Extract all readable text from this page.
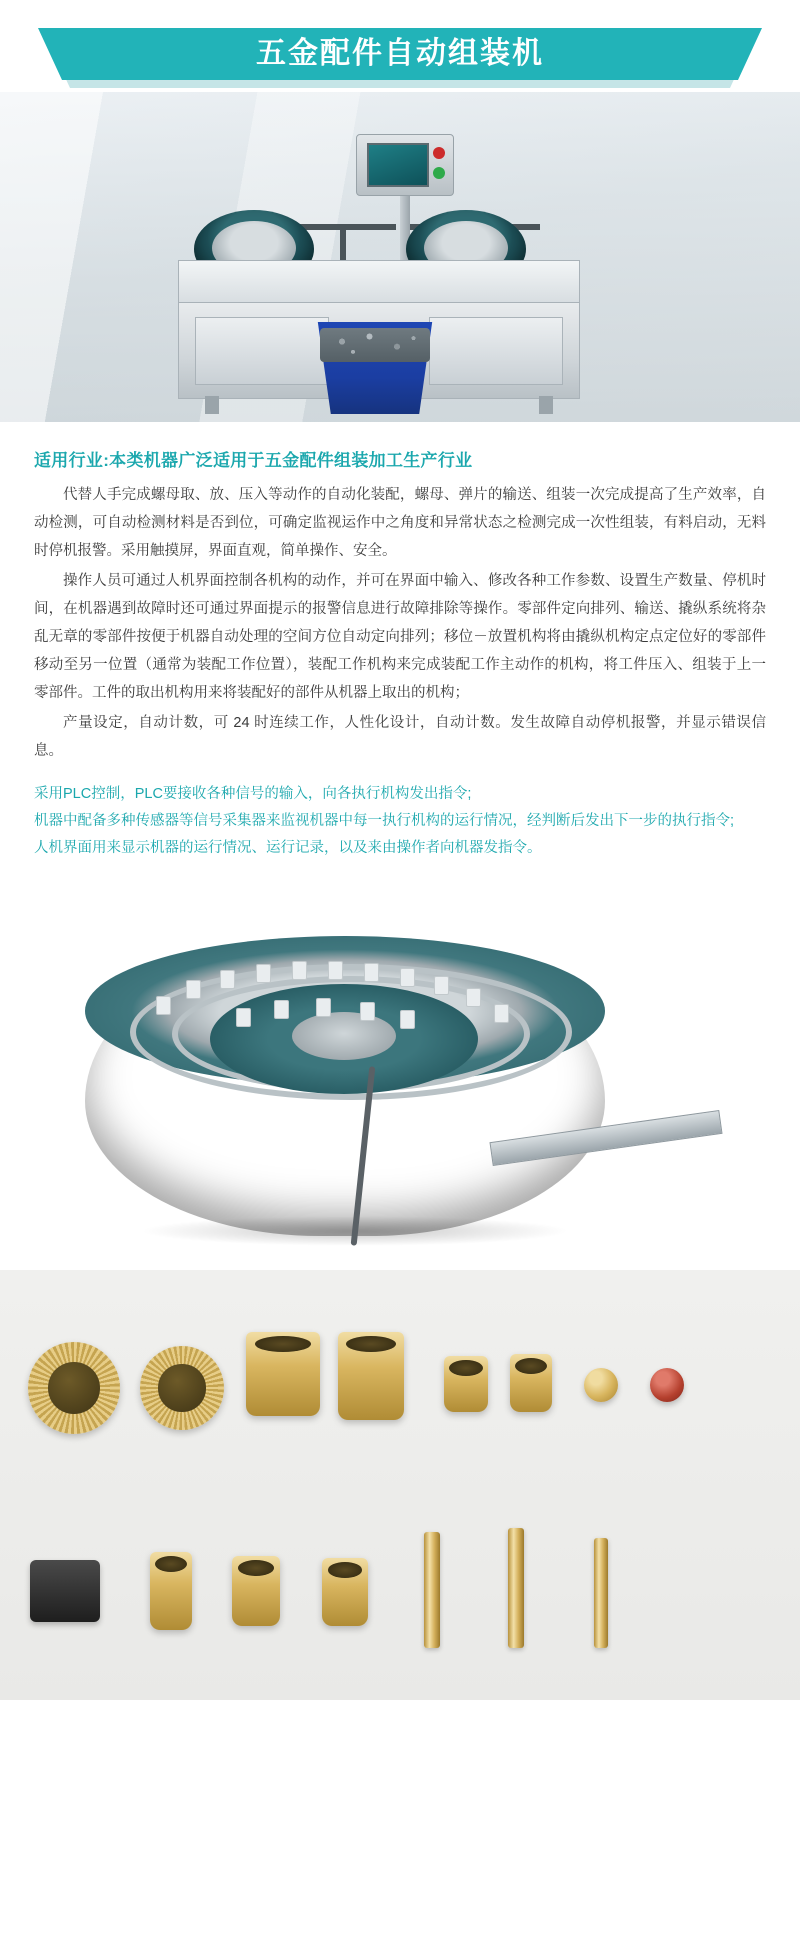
五金配件自动组装机

适用行业:本类机器广泛适用于五金配件组装加工生产行业

代替人手完成螺母取、放、压入等动作的自动化装配，螺母、弹片的输送、组装一次完成提高了生产效率，自动检测，可自动检测材料是否到位，可确定监视运作中之角度和异常状态之检测完成一次性组装，有料启动，无料时停机报警。采用触摸屏，界面直观，简单操作、安全。

操作人员可通过人机界面控制各机构的动作，并可在界面中输入、修改各种工作参数、设置生产数量、停机时间，在机器遇到故障时还可通过界面提示的报警信息进行故障排除等操作。零部件定向排列、输送、撬纵系统将杂乱无章的零部件按便于机器自动处理的空间方位自动定向排列；移位－放置机构将由撬纵机构定点定位好的零部件移动至另一位置（通常为装配工作位置），装配工作机构来完成装配工作主动作的机构，将工件压入、组装于上一零部件。工件的取出机构用来将装配好的部件从机器上取出的机构；

产量设定，自动计数，可 24 时连续工作，人性化设计，自动计数。发生故障自动停机报警，并显示错误信息。

采用PLC控制，PLC要接收各种信号的输入，向各执行机构发出指令;
机器中配备多种传感器等信号采集器来监视机器中每一执行机构的运行情况，经判断后发出下一步的执行指令;
人机界面用来显示机器的运行情况、运行记录，以及来由操作者向机器发指令。
